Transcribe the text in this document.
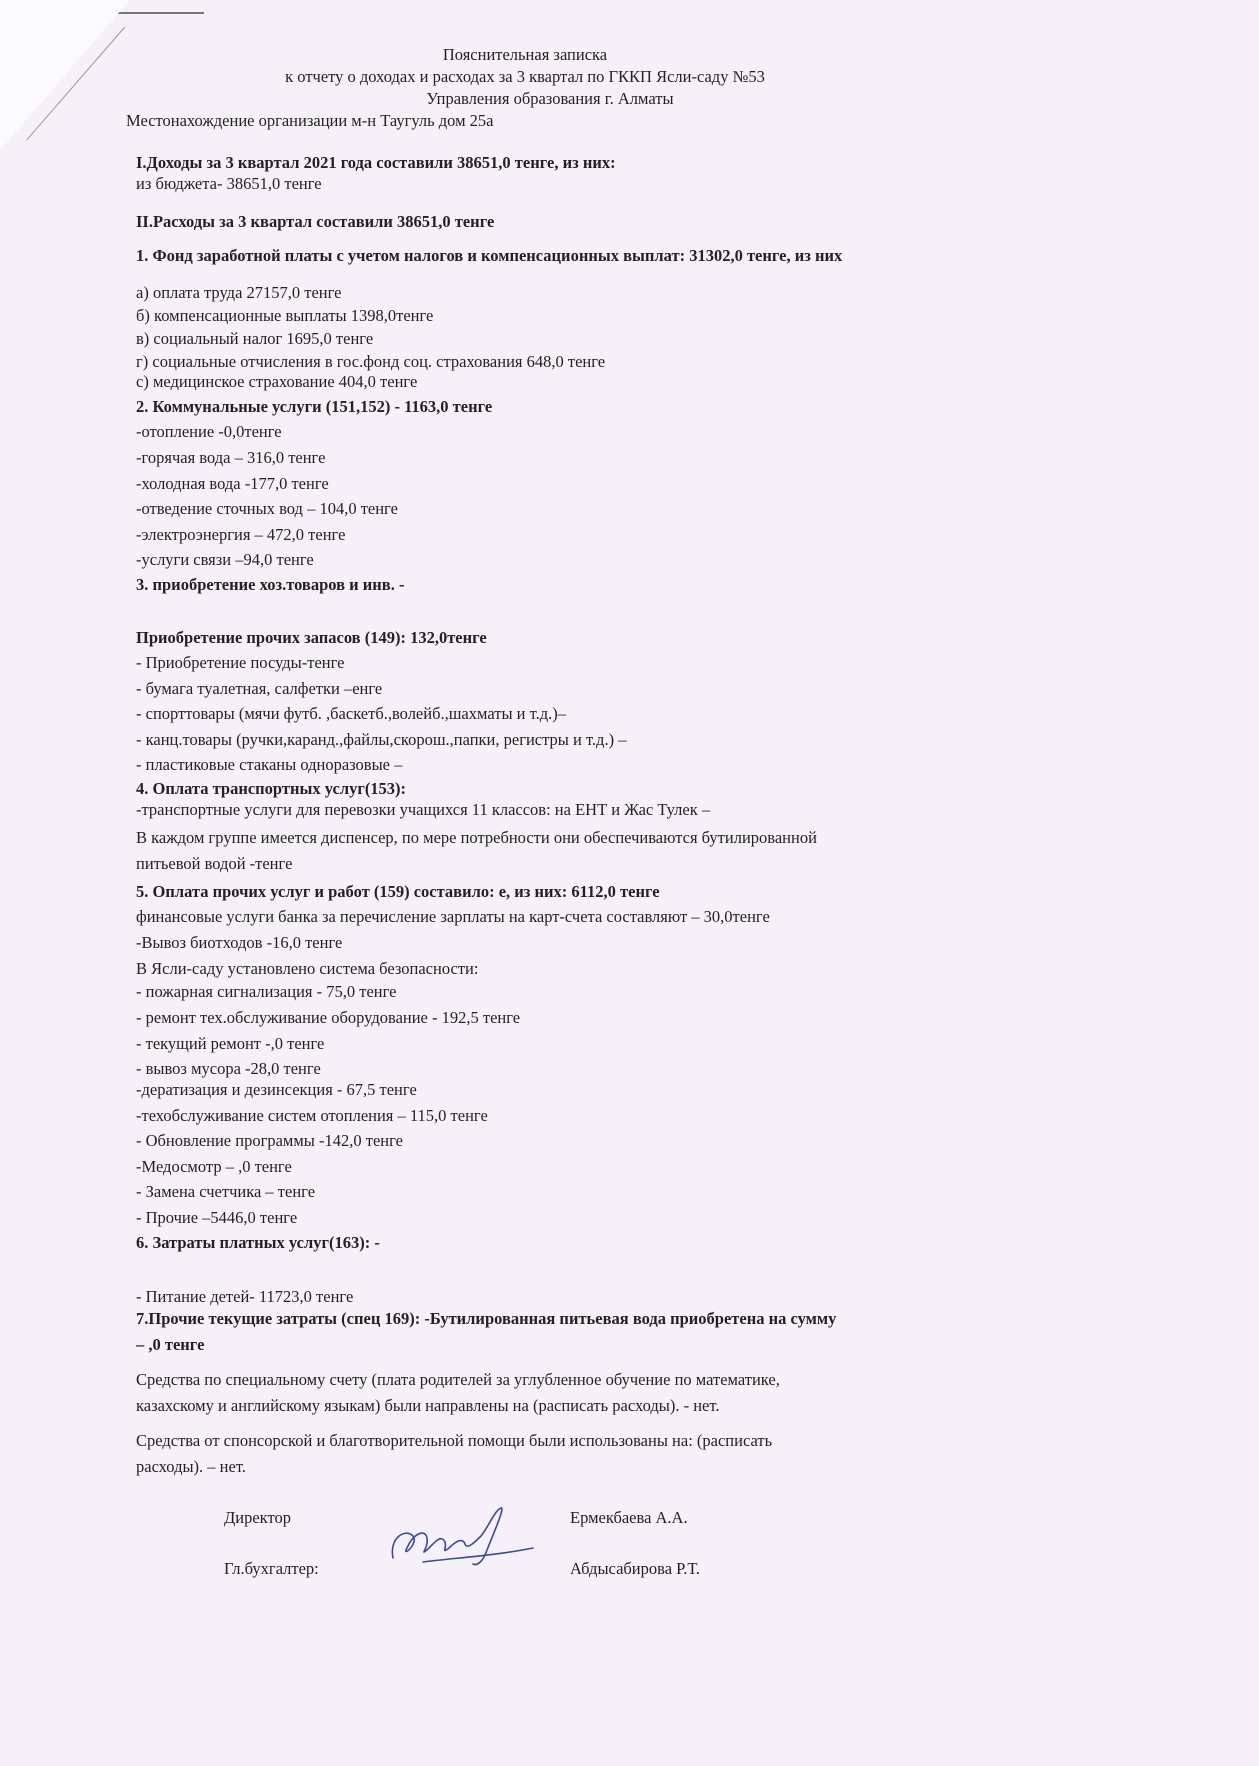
Пояснительная записка
к отчету о доходах и расходах за 3 квартал по ГККП Ясли-саду №53
Управления образования г. Алматы
Местонахождение организации м-н Таугуль дом 25а
I.Доходы за 3 квартал 2021 года составили 38651,0 тенге, из них:
из бюджета- 38651,0 тенге
II.Расходы за 3 квартал составили 38651,0 тенге
1. Фонд заработной платы с учетом налогов и компенсационных выплат: 31302,0 тенге, из них
а) оплата труда 27157,0 тенге
б) компенсационные выплаты 1398,0тенге
в) социальный налог 1695,0 тенге
г) социальные отчисления в гос.фонд соц. страхования 648,0 тенге
с) медицинское страхование 404,0 тенге
2. Коммунальные услуги (151,152) - 1163,0 тенге
-отопление -0,0тенге
-горячая вода – 316,0 тенге
-холодная вода -177,0 тенге
-отведение сточных вод – 104,0 тенге
-электроэнергия – 472,0 тенге
-услуги связи –94,0 тенге
3. приобретение хоз.товаров и инв. -
Приобретение прочих запасов (149): 132,0тенге
- Приобретение посуды-тенге
- бумага туалетная, салфетки –енге
- спорттовары (мячи футб. ,баскетб.,волейб.,шахматы и т.д.)–
- канц.товары (ручки,каранд.,файлы,скорош.,папки, регистры и т.д.) –
- пластиковые стаканы одноразовые –
4. Оплата транспортных услуг(153):
-транспортные услуги для перевозки учащихся 11 классов: на ЕНТ и Жас Тулек –
В каждом группе имеется диспенсер, по мере потребности они обеспечиваются бутилированной
питьевой водой -тенге
5. Оплата прочих услуг и работ (159) составило: е, из них: 6112,0 тенге
финансовые услуги банка за перечисление зарплаты на карт-счета составляют – 30,0тенге
-Вывоз биотходов -16,0 тенге
В Ясли-саду установлено система безопасности:
- пожарная сигнализация - 75,0 тенге
- ремонт тех.обслуживание оборудование - 192,5 тенге
- текущий ремонт -,0 тенге
- вывоз мусора -28,0 тенге
-дератизация и дезинсекция - 67,5 тенге
-техобслуживание систем отопления – 115,0 тенге
- Обновление программы -142,0 тенге
-Медосмотр – ,0 тенге
- Замена счетчика – тенге
- Прочие –5446,0 тенге
6. Затраты платных услуг(163): -
- Питание детей- 11723,0 тенге
7.Прочие текущие затраты (спец 169): -Бутилированная питьевая вода приобретена на сумму
– ,0 тенге
Средства по специальному счету (плата родителей за углубленное обучение по математике,
казахскому и английскому языкам) были направлены на (расписать расходы). - нет.
Средства от спонсорской и благотворительной помощи были использованы на: (расписать
расходы). – нет.
Директор	Ермекбаева А.А.
Гл.бухгалтер:	Абдысабирова Р.Т.
